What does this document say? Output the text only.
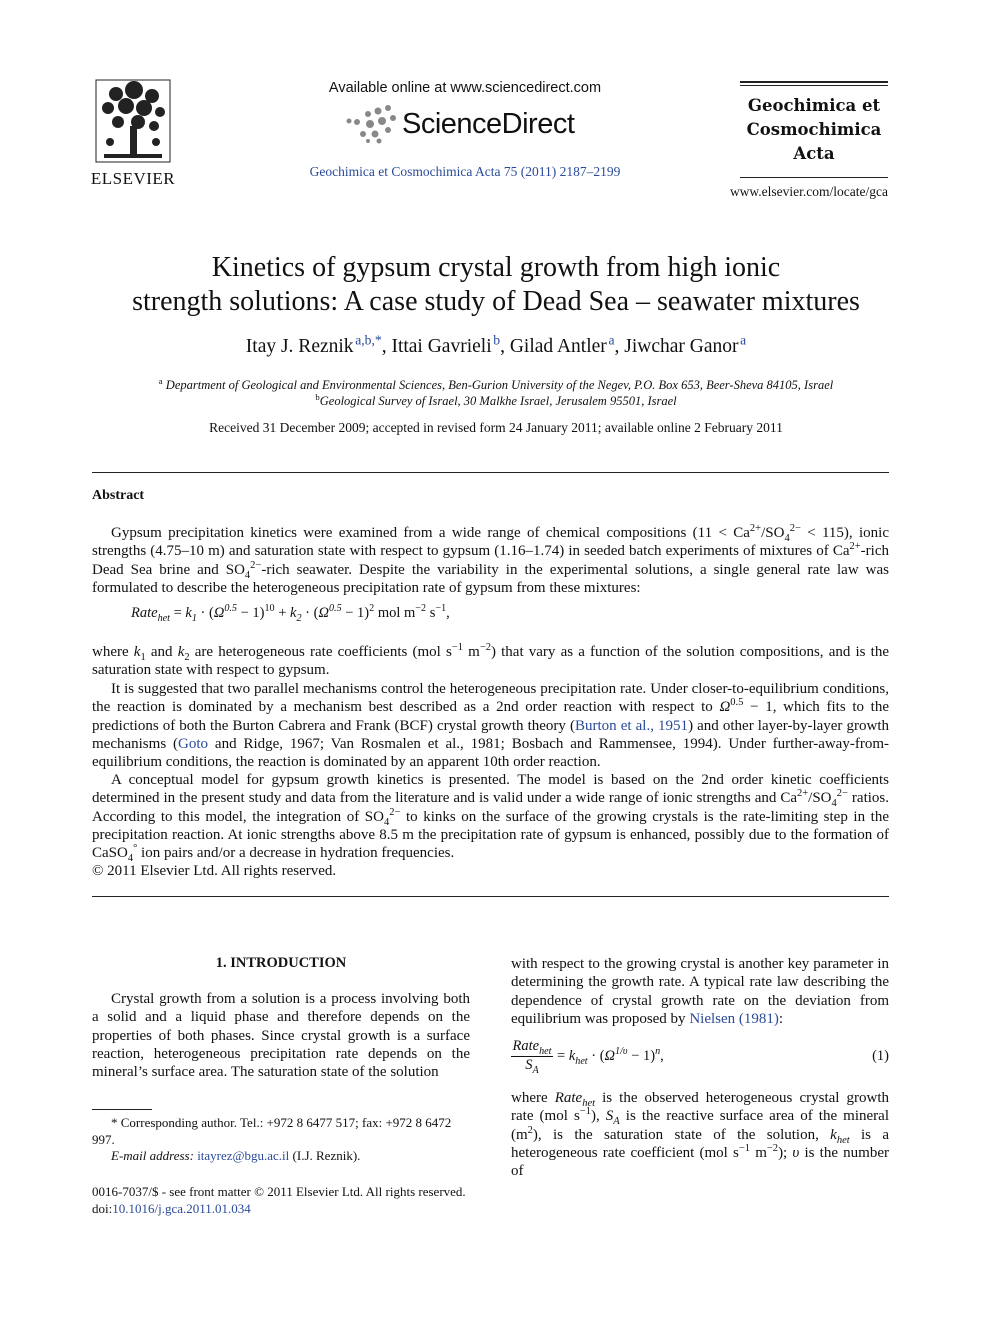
ELSEVIER
Available online at www.sciencedirect.com
ScienceDirect
Geochimica et Cosmochimica Acta 75 (2011) 2187–2199
Geochimica et
Cosmochimica
Acta
www.elsevier.com/locate/gca
Kinetics of gypsum crystal growth from high ionic
strength solutions: A case study of Dead Sea – seawater mixtures
Itay J. Reznik  $^{a,b,*}$, Ittai Gavrieli  $^b$, Gilad Antler  $^a$, Jiwchar Ganor  $^a$
$^a$ Department of Geological and Environmental Sciences, Ben-Gurion University of the Negev, P.O. Box 653, Beer-Sheva 84105, Israel
$^b$Geological Survey of Israel, 30 Malkhe Israel, Jerusalem 95501, Israel
Received 31 December 2009; accepted in revised form 24 January 2011; available online 2 February 2011
Abstract
Gypsum precipitation kinetics were examined from a wide range of chemical compositions $(11 < Ca^{2+}/SO_4^{2-} < 115)$, ionic strengths (4.75–10 m) and saturation state with respect to gypsum (1.16–1.74) in seeded batch experiments of mixtures of $Ca^{2+}$-rich Dead Sea brine and $SO_4^{2-}$-rich seawater. Despite the variability in the experimental solutions, a single general rate law was formulated to describe the heterogeneous precipitation rate of gypsum from these mixtures:
Rate$_{het}$ = $k_1 \cdot (\Omega^{0.5} - 1)^{10} + k_2 \cdot (\Omega^{0.5} - 1)^2$ mol $m^{-2}$ $s^{-1}$,
where $k_1$ and $k_2$ are heterogeneous rate coefficients (mol $s^{-1}$ $m^{-2}$) that vary as a function of the solution compositions, and is the saturation state with respect to gypsum.
It is suggested that two parallel mechanisms control the heterogeneous precipitation rate. Under closer-to-equilibrium conditions, the reaction is dominated by a mechanism best described as a 2nd order reaction with respect to $\Omega^{0.5} - 1$, which fits to the predictions of both the Burton Cabrera and Frank (BCF) crystal growth theory (Burton et al., 1951) and other layer-by-layer growth mechanisms (Goto and Ridge, 1967; Van Rosmalen et al., 1981; Bosbach and Rammensee, 1994). Under further-away-from-equilibrium conditions, the reaction is dominated by an apparent 10th order reaction.
A conceptual model for gypsum growth kinetics is presented. The model is based on the 2nd order kinetic coefficients determined in the present study and data from the literature and is valid under a wide range of ionic strengths and $Ca^{2+}/SO_4^{2-}$ ratios. According to this model, the integration of $SO_4^{2-}$ to kinks on the surface of the growing crystals is the rate-limiting step in the precipitation reaction. At ionic strengths above 8.5 m the precipitation rate of gypsum is enhanced, possibly due to the formation of CaSO$_4$° ion pairs and/or a decrease in hydration frequencies.
© 2011 Elsevier Ltd. All rights reserved.
1. INTRODUCTION
Crystal growth from a solution is a process involving both a solid and a liquid phase and therefore depends on the properties of both phases. Since crystal growth is a surface reaction, heterogeneous precipitation rate depends on the mineral’s surface area. The saturation state of the solution
* Corresponding author. Tel.: +972 8 6477 517; fax: +972 8 6472 997.
E-mail address: itayrez@bgu.ac.il (I.J. Reznik).
0016-7037/$ - see front matter © 2011 Elsevier Ltd. All rights reserved.
doi:10.1016/j.gca.2011.01.034
with respect to the growing crystal is another key parameter in determining the growth rate. A typical rate law describing the dependence of crystal growth rate on the deviation from equilibrium was proposed by Nielsen (1981):
Rate$_{het}$
$S_A$
= $k_{het} \cdot (\Omega^{1/\upsilon} - 1)^n$,	(1)
where Rate$_{het}$ is the observed heterogeneous crystal growth rate (mol $s^{-1}$), $S_A$ is the reactive surface area of the mineral $(m^2)$, is the saturation state of the solution, $k_{het}$ is a heterogeneous rate coefficient (mol $s^{-1}$ $m^{-2}$); υ is the number of
